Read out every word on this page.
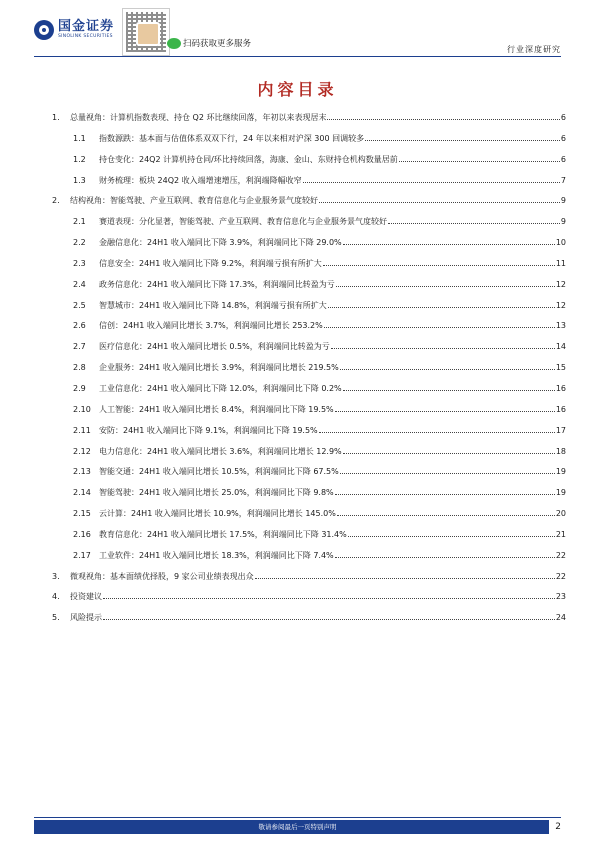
国金证券
SINOLINK SECURITIES
扫码获取更多服务
行业深度研究
内容目录
1.	总量视角：计算机指数表现、持仓 Q2 环比继续回落，年初以来表现居末	6
1.1	指数源跌：基本面与估值体系双双下行，24 年以来相对沪深 300 回调较多	6
1.2	持仓变化：24Q2 计算机持仓同/环比持续回落，海康、金山、东财持仓机构数量居前	6
1.3	财务梳理：板块 24Q2 收入端增速增压，利润端降幅收窄	7
2.	结构视角：智能驾驶、产业互联网、教育信息化与企业服务景气度较好	9
2.1	赛道表现：分化显著，智能驾驶、产业互联网、教育信息化与企业服务景气度较好	9
2.2	金融信息化：24H1 收入端同比下降 3.9%，利润端同比下降 29.0%	10
2.3	信息安全：24H1 收入端同比下降 9.2%，利润端亏损有所扩大	11
2.4	政务信息化：24H1 收入端同比下降 17.3%，利润端同比转盈为亏	12
2.5	智慧城市：24H1 收入端同比下降 14.8%，利润端亏损有所扩大	12
2.6	信创：24H1 收入端同比增长 3.7%，利润端同比增长 253.2%	13
2.7	医疗信息化：24H1 收入端同比增长 0.5%，利润端同比转盈为亏	14
2.8	企业服务：24H1 收入端同比增长 3.9%，利润端同比增长 219.5%	15
2.9	工业信息化：24H1 收入端同比下降 12.0%，利润端同比下降 0.2%	16
2.10	人工智能：24H1 收入端同比增长 8.4%，利润端同比下降 19.5%	16
2.11	安防：24H1 收入端同比下降 9.1%，利润端同比下降 19.5%	17
2.12	电力信息化：24H1 收入端同比增长 3.6%，利润端同比增长 12.9%	18
2.13	智能交通：24H1 收入端同比增长 10.5%，利润端同比下降 67.5%	19
2.14	智能驾驶：24H1 收入端同比增长 25.0%，利润端同比下降 9.8%	19
2.15	云计算：24H1 收入端同比增长 10.9%，利润端同比增长 145.0%	20
2.16	教育信息化：24H1 收入端同比增长 17.5%，利润端同比下降 31.4%	21
2.17	工业软件：24H1 收入端同比增长 18.3%，利润端同比下降 7.4%	22
3.	微观视角：基本面绩优择股，9 家公司业绩表现出众	22
4.	投资建议	23
5.	风险提示	24
敬请参阅最后一页特别声明	2
